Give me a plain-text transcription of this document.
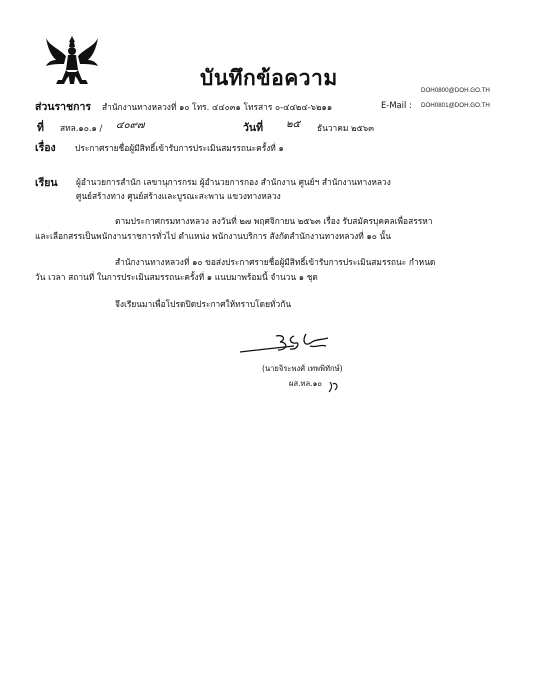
บันทึกข้อความ
DOH0800@DOH.GO.TH
DOH0801@DOH.GO.TH
ส่วนราชการ สำนักงานทางหลวงที่ ๑๐ โทร. ๔๔๐๓๑ โทรสาร ๐-๔๔๒๔-๖๒๑๑	E-Mail :
ที่ สทล.๑๐.๑ / ๔๐๙๗	วันที่ ๒๕ ธันวาคม ๒๕๖๓
เรื่อง ประกาศรายชื่อผู้มีสิทธิ์เข้ารับการประเมินสมรรถนะครั้งที่ ๑
เรียน ผู้อำนวยการสำนัก เลขานุการกรม ผู้อำนวยการกอง สำนักงาน ศูนย์ฯ สำนักงานทางหลวง
ศูนย์สร้างทาง ศูนย์สร้างและบูรณะสะพาน แขวงทางหลวง
ตามประกาศกรมทางหลวง ลงวันที่ ๒๗ พฤศจิกายน ๒๕๖๓ เรื่อง รับสมัครบุคคลเพื่อสรรหา
และเลือกสรรเป็นพนักงานราชการทั่วไป ตำแหน่ง พนักงานบริการ สังกัดสำนักงานทางหลวงที่ ๑๐ นั้น
สำนักงานทางหลวงที่ ๑๐ ขอส่งประกาศรายชื่อผู้มีสิทธิ์เข้ารับการประเมินสมรรถนะ กำหนด
วัน เวลา สถานที่ ในการประเมินสมรรถนะครั้งที่ ๑ แนบมาพร้อมนี้ จำนวน ๑ ชุด
จึงเรียนมาเพื่อโปรดปิดประกาศให้ทราบโดยทั่วกัน
(นายจิระพงศ์ เทพพิทักษ์)
ผส.ทล.๑๐
